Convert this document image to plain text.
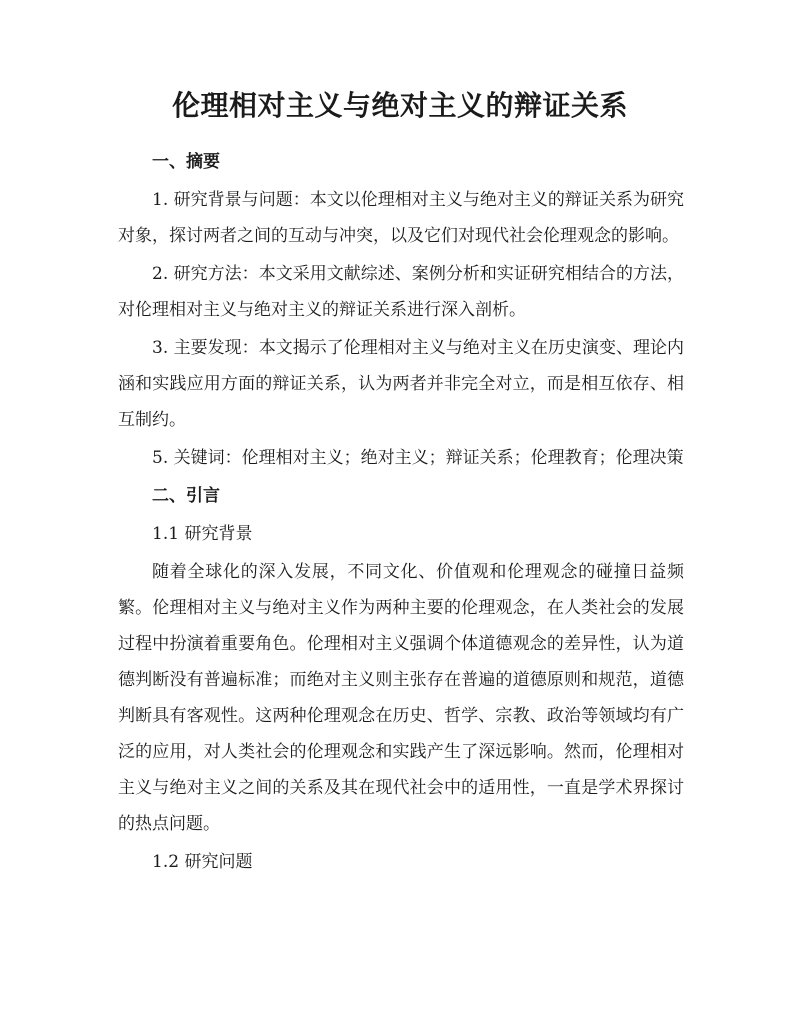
伦理相对主义与绝对主义的辩证关系
一、摘要
1. 研究背景与问题：本文以伦理相对主义与绝对主义的辩证关系为研究对象，探讨两者之间的互动与冲突，以及它们对现代社会伦理观念的影响。
2. 研究方法：本文采用文献综述、案例分析和实证研究相结合的方法，对伦理相对主义与绝对主义的辩证关系进行深入剖析。
3. 主要发现：本文揭示了伦理相对主义与绝对主义在历史演变、理论内涵和实践应用方面的辩证关系，认为两者并非完全对立，而是相互依存、相互制约。
5. 关键词：伦理相对主义；绝对主义；辩证关系；伦理教育；伦理决策
二、引言
1.1 研究背景
随着全球化的深入发展，不同文化、价值观和伦理观念的碰撞日益频繁。伦理相对主义与绝对主义作为两种主要的伦理观念，在人类社会的发展过程中扮演着重要角色。伦理相对主义强调个体道德观念的差异性，认为道德判断没有普遍标准；而绝对主义则主张存在普遍的道德原则和规范，道德判断具有客观性。这两种伦理观念在历史、哲学、宗教、政治等领域均有广泛的应用，对人类社会的伦理观念和实践产生了深远影响。然而，伦理相对主义与绝对主义之间的关系及其在现代社会中的适用性，一直是学术界探讨的热点问题。
1.2 研究问题
